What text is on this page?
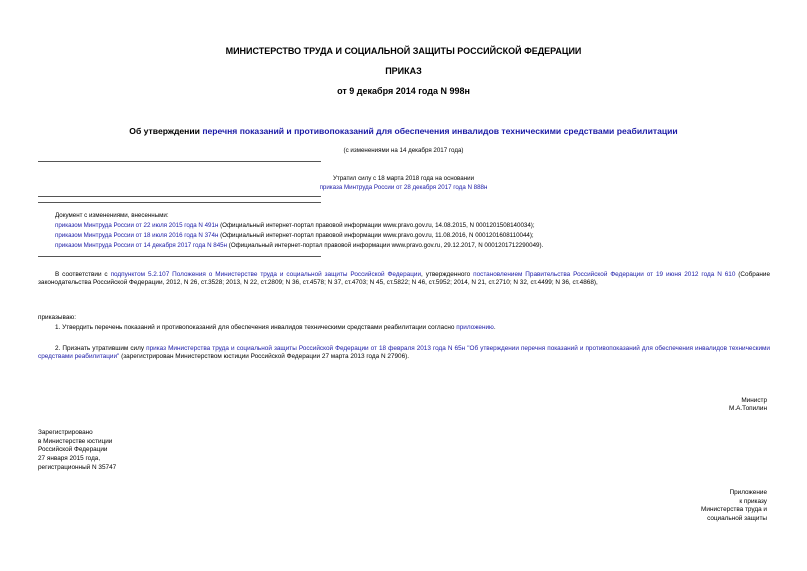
МИНИСТЕРСТВО ТРУДА И СОЦИАЛЬНОЙ ЗАЩИТЫ РОССИЙСКОЙ ФЕДЕРАЦИИ
ПРИКАЗ
от 9 декабря 2014 года N 998н
Об утверждении перечня показаний и противопоказаний для обеспечения инвалидов техническими средствами реабилитации
(с изменениями на 14 декабря 2017 года)
Утратил силу с 18 марта 2018 года на основании
приказа Минтруда России от 28 декабря 2017 года N 888н
Документ с изменениями, внесенными:
приказом Минтруда России от 22 июля 2015 года N 491н (Официальный интернет-портал правовой информации www.pravo.gov.ru, 14.08.2015, N 0001201508140034);
приказом Минтруда России от 18 июля 2016 года N 374н (Официальный интернет-портал правовой информации www.pravo.gov.ru, 11.08.2016, N 0001201608110044);
приказом Минтруда России от 14 декабря 2017 года N 845н (Официальный интернет-портал правовой информации www.pravo.gov.ru, 29.12.2017, N 0001201712290049).
В соответствии с подпунктом 5.2.107 Положения о Министерстве труда и социальной защиты Российской Федерации, утвержденного постановлением Правительства Российской Федерации от 19 июня 2012 года N 610 (Собрание законодательства Российской Федерации, 2012, N 26, ст.3528; 2013, N 22, ст.2809; N 36, ст.4578; N 37, ст.4703; N 45, ст.5822; N 46, ст.5952; 2014, N 21, ст.2710; N 32, ст.4499; N 36, ст.4868),
приказываю:
1. Утвердить перечень показаний и противопоказаний для обеспечения инвалидов техническими средствами реабилитации согласно приложению.
2. Признать утратившим силу приказ Министерства труда и социальной защиты Российской Федерации от 18 февраля 2013 года N 65н "Об утверждении перечня показаний и противопоказаний для обеспечения инвалидов техническими средствами реабилитации" (зарегистрирован Министерством юстиции Российской Федерации 27 марта 2013 года N 27906).
Министр
М.А.Топилин
Зарегистрировано
в Министерстве юстиции
Российской Федерации
27 января 2015 года,
регистрационный N 35747
Приложение
к приказу
Министерства труда и
социальной защиты
